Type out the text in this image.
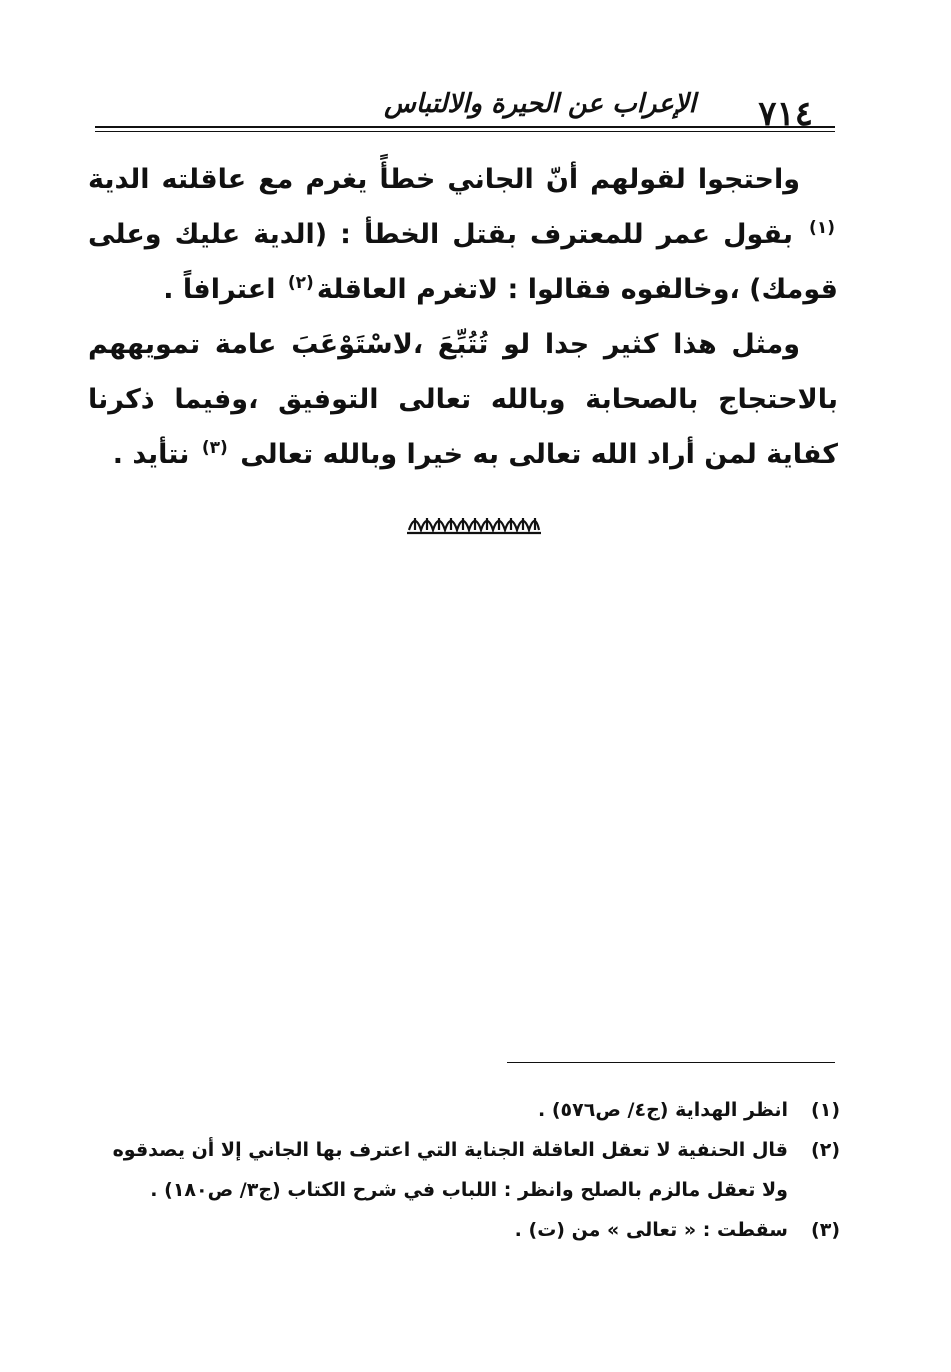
٧١٤
الإعراب عن الحيرة والالتباس

واحتجوا لقولهم أنّ الجاني خطأً يغرم مع عاقلته الدية $^{(١)}$ بقول عمر للمعترف بقتل الخطأ : (الدية عليك وعلى قومك) ،وخالفوه فقالوا : لاتغرم العاقلة$^{(٢)}$ اعترافاً .

ومثل هذا كثير جدا لو تُتُبِّعَ ،لاسْتَوْعَبَ عامة تمويههم بالاحتجاج بالصحابة وبالله تعالى التوفيق ،وفيما ذكرنا كفاية لمن أراد الله تعالى به خيرا وبالله تعالى $^{(٣)}$ نتأيد .

(١)
انظر الهداية (ج٤/ ص٥٧٦) .
(٢)
قال الحنفية لا تعقل العاقلة الجناية التي اعترف بها الجاني إلا أن يصدقوه ولا تعقل مالزم بالصلح وانظر : اللباب في شرح الكتاب (ج٣/ ص١٨٠) .
(٣)
سقطت : « تعالى » من (ت) .
